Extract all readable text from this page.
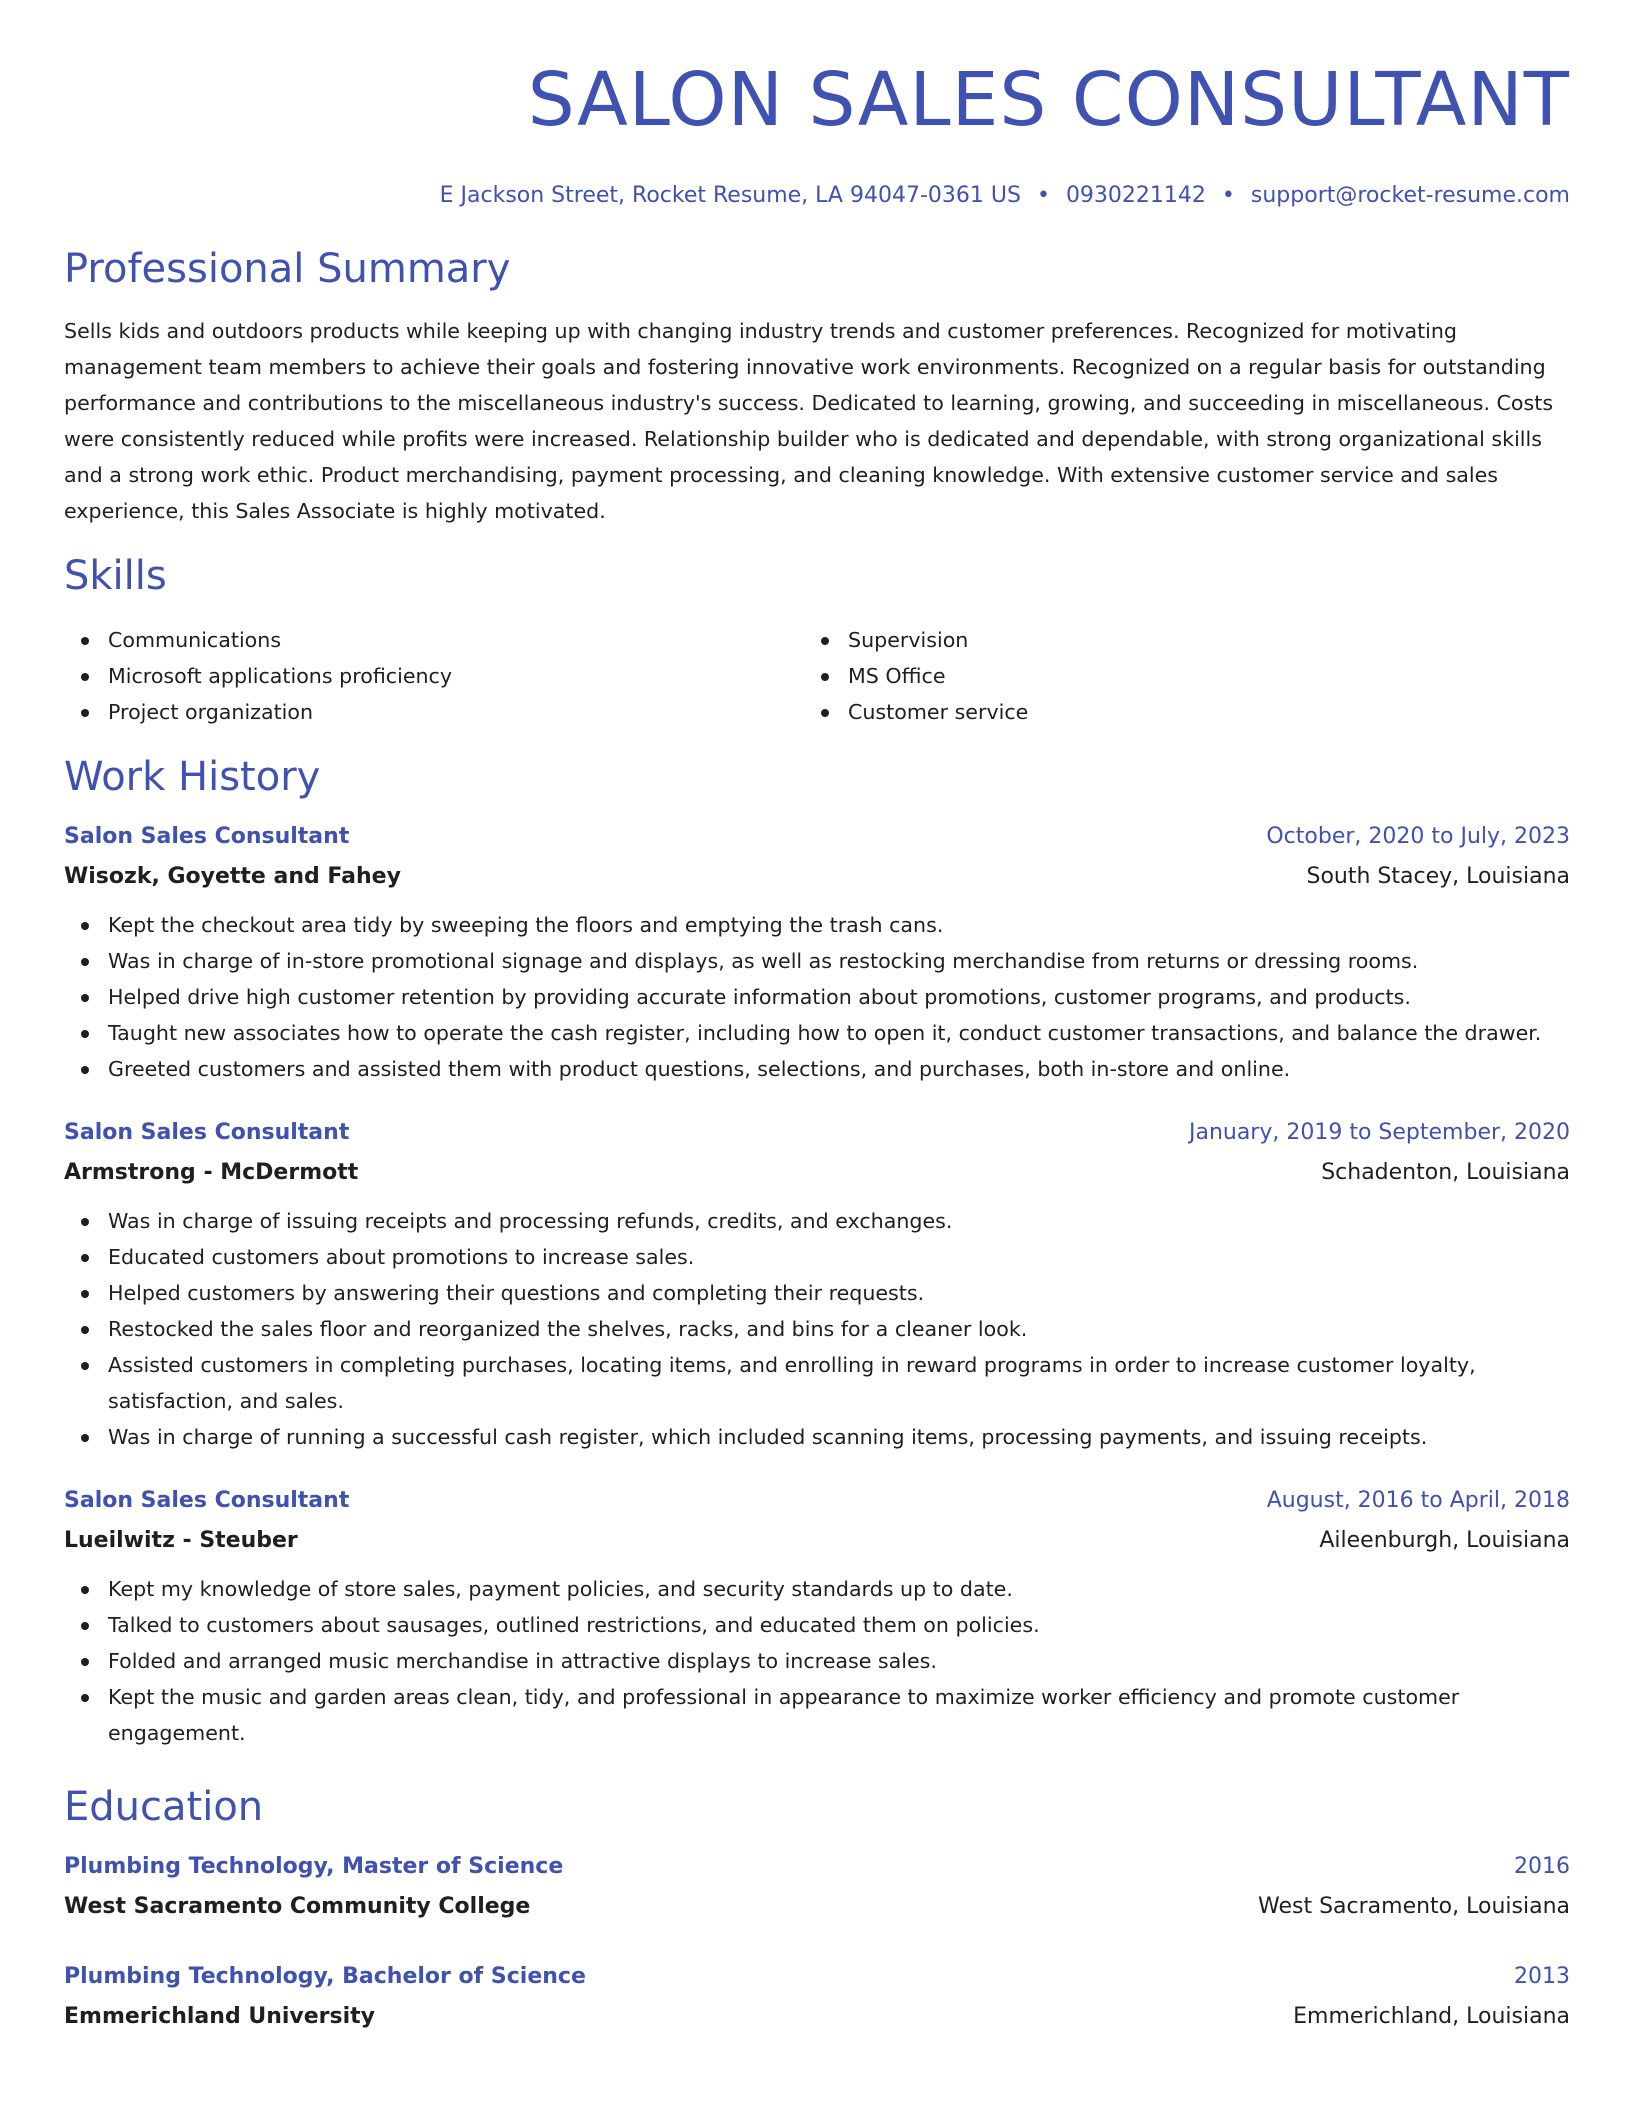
SALON SALES CONSULTANT
E Jackson Street, Rocket Resume, LA 94047-0361 US • 0930221142 • support@rocket-resume.com
Professional Summary

Sells kids and outdoors products while keeping up with changing industry trends and customer preferences. Recognized for motivating management team members to achieve their goals and fostering innovative work environments. Recognized on a regular basis for outstanding performance and contributions to the miscellaneous industry's success. Dedicated to learning, growing, and succeeding in miscellaneous. Costs were consistently reduced while profits were increased. Relationship builder who is dedicated and dependable, with strong organizational skills and a strong work ethic. Product merchandising, payment processing, and cleaning knowledge. With extensive customer service and sales experience, this Sales Associate is highly motivated.

Skills
Communications
Microsoft applications proficiency
Project organization
Supervision
MS Office
Customer service
Work History
Salon Sales Consultant	October, 2020 to July, 2023
Wisozk, Goyette and Fahey	South Stacey, Louisiana
Kept the checkout area tidy by sweeping the floors and emptying the trash cans.
Was in charge of in-store promotional signage and displays, as well as restocking merchandise from returns or dressing rooms.
Helped drive high customer retention by providing accurate information about promotions, customer programs, and products.
Taught new associates how to operate the cash register, including how to open it, conduct customer transactions, and balance the drawer.
Greeted customers and assisted them with product questions, selections, and purchases, both in-store and online.
Salon Sales Consultant	January, 2019 to September, 2020
Armstrong - McDermott	Schadenton, Louisiana
Was in charge of issuing receipts and processing refunds, credits, and exchanges.
Educated customers about promotions to increase sales.
Helped customers by answering their questions and completing their requests.
Restocked the sales floor and reorganized the shelves, racks, and bins for a cleaner look.
Assisted customers in completing purchases, locating items, and enrolling in reward programs in order to increase customer loyalty, satisfaction, and sales.
Was in charge of running a successful cash register, which included scanning items, processing payments, and issuing receipts.
Salon Sales Consultant	August, 2016 to April, 2018
Lueilwitz - Steuber	Aileenburgh, Louisiana
Kept my knowledge of store sales, payment policies, and security standards up to date.
Talked to customers about sausages, outlined restrictions, and educated them on policies.
Folded and arranged music merchandise in attractive displays to increase sales.
Kept the music and garden areas clean, tidy, and professional in appearance to maximize worker efficiency and promote customer engagement.
Education
Plumbing Technology, Master of Science	2016
West Sacramento Community College	West Sacramento, Louisiana
Plumbing Technology, Bachelor of Science	2013
Emmerichland University	Emmerichland, Louisiana
